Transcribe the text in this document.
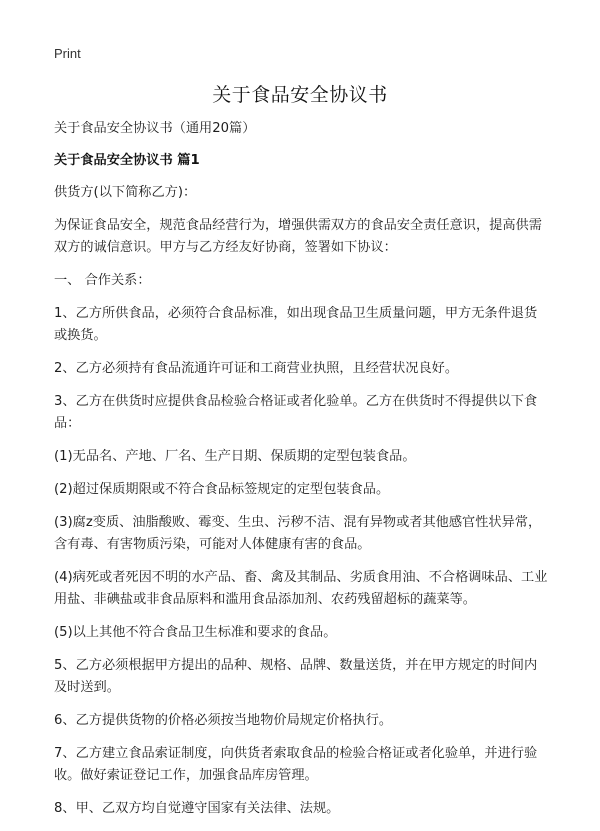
Print
关于食品安全协议书

关于食品安全协议书（通用20篇）

关于食品安全协议书 篇1

供货方(以下简称乙方)：

为保证食品安全，规范食品经营行为，增强供需双方的食品安全责任意识，提高供需双方的诚信意识。甲方与乙方经友好协商，签署如下协议：

一、 合作关系：

1、乙方所供食品，必须符合食品标准，如出现食品卫生质量问题，甲方无条件退货或换货。

2、乙方必须持有食品流通许可证和工商营业执照，且经营状况良好。

3、乙方在供货时应提供食品检验合格证或者化验单。乙方在供货时不得提供以下食品：

(1)无品名、产地、厂名、生产日期、保质期的定型包装食品。

(2)超过保质期限或不符合食品标签规定的定型包装食品。

(3)腐z变质、油脂酸败、霉变、生虫、污秽不洁、混有异物或者其他感官性状异常，含有毒、有害物质污染，可能对人体健康有害的食品。

(4)病死或者死因不明的水产品、畜、禽及其制品、劣质食用油、不合格调味品、工业用盐、非碘盐或非食品原料和滥用食品添加剂、农药残留超标的蔬菜等。

(5)以上其他不符合食品卫生标准和要求的食品。

5、乙方必须根据甲方提出的品种、规格、品牌、数量送货，并在甲方规定的时间内及时送到。

6、乙方提供货物的价格必须按当地物价局规定价格执行。

7、乙方建立食品索证制度，向供货者索取食品的检验合格证或者化验单，并进行验收。做好索证登记工作，加强食品库房管理。

8、甲、乙双方均自觉遵守国家有关法律、法规。
